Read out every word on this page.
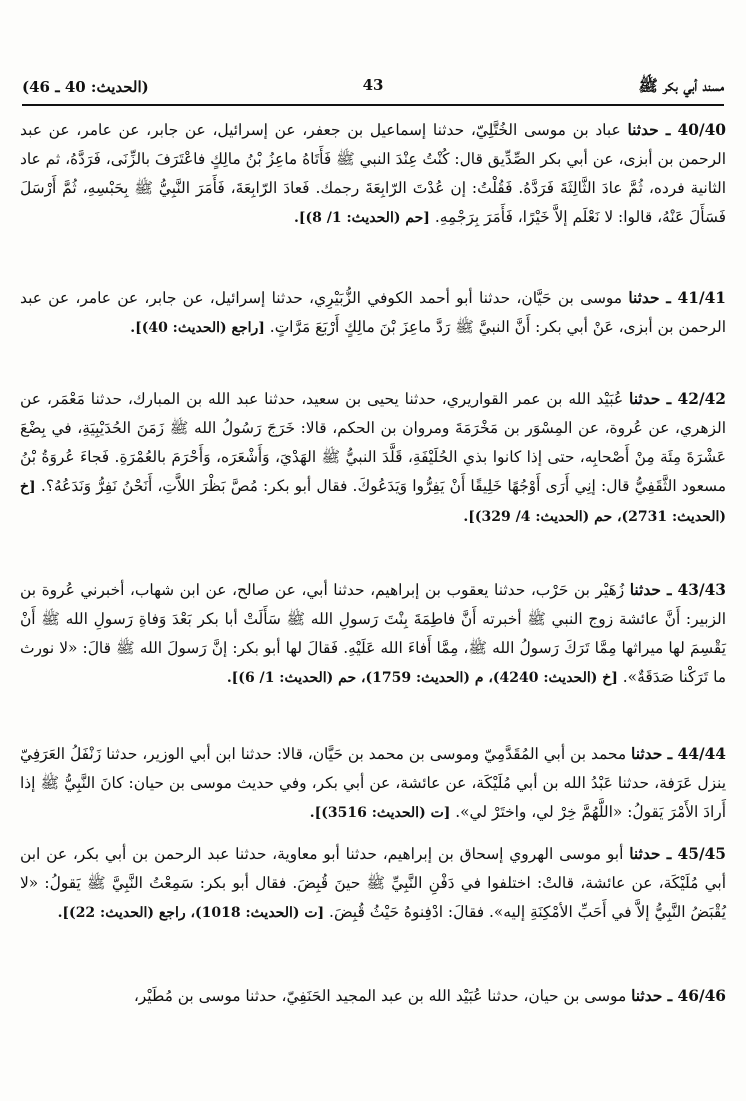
مسند أبي بكر ﷺ
43
(الحديث: 40 ـ 46)
40/40 ـ حدثنا عباد بن موسى الخُتَّلِيّ، حدثنا إسماعيل بن جعفر، عن إسرائيل، عن جابر، عن عامر، عن عبد الرحمن بن أبزى، عن أبي بكر الصِّدِّيق قال: كُنْتُ عِنْدَ النبي ﷺ فَأَتَاهُ ماعِزُ بْنُ مالِكٍ فاعْتَرَفَ بالزِّنَى، فَرَدَّهُ، ثم عاد الثانية فرده، ثُمَّ عادَ الثَّالِثَةَ فَرَدَّهُ. فَقُلْتُ: إن عُدْتَ الرّابِعَةَ رجمك. فَعادَ الرّابِعَةَ، فَأَمَرَ النَّبِيُّ ﷺ بِحَبْسِهِ، ثُمَّ أَرْسَلَ فَسَأَلَ عَنْهُ، قالوا: لا نَعْلَم إلاَّ خَيْرًا، فَأَمَرَ بِرَجْمِهِ. [حم (الحديث: 1/ 8)].
41/41 ـ حدثنا موسى بن حَيَّان، حدثنا أبو أحمد الكوفي الزُّبَيْرِي، حدثنا إسرائيل، عن جابر، عن عامر، عن عبد الرحمن بن أبزى، عَنْ أبي بكر: أَنَّ النبيَّ ﷺ رَدَّ ماعِزَ بْنَ مالِكٍ أَرْبَعَ مَرَّاتٍ. [راجع (الحديث: 40)].
42/42 ـ حدثنا عُبَيْد الله بن عمر القواريري، حدثنا يحيى بن سعيد، حدثنا عبد الله بن المبارك، حدثنا مَعْمَر، عن الزهري، عن عُروة، عن المِسْوَر بن مَخْرَمَةَ ومروان بن الحكم، قالا: خَرَجَ رَسُولُ الله ﷺ زَمَنَ الحُدَيْبِيَةِ، في بِضْعَ عَشْرَةَ مِئَة مِنْ أَصْحابِه، حتى إذا كانوا بذي الحُلَيْفَةِ، قَلَّدَ النبيُّ ﷺ الهَدْيَ، وَأَشْعَرَه، وَأَحْرَمَ بالعُمْرَةِ. فَجاءَ عُروَةُ بْنُ مسعود الثَّقَفِيُّ قال: إنِي أَرَى أَوْجُهًا خَلِيقًا أَنْ يَفِرُّوا وَيَدَعُوكَ. فقال أبو بكر: مُصَّ بَظْرَ اللاَّتِ، أَنَحْنُ نَفِرُّ وَنَدَعُهُ؟. [خ (الحديث: 2731)، حم (الحديث: 4/ 329)].
43/43 ـ حدثنا زُهَيْر بن حَرْب، حدثنا يعقوب بن إبراهيم، حدثنا أبي، عن صالح، عن ابن شهاب، أخبرني عُروة بن الزبير: أَنَّ عائشة زوج النبي ﷺ أخبرته أَنَّ فاطِمَةَ بِنْتَ رَسولِ الله ﷺ سَأَلَتْ أبا بكر بَعْدَ وَفاةِ رَسولِ الله ﷺ أَنْ يَقْسِمَ لها ميراثها مِمَّا تَرَكَ رَسولُ الله ﷺ، مِمَّا أَفاءَ الله عَلَيْهِ. فَقالَ لها أبو بكر: إنَّ رَسولَ الله ﷺ قالَ: «لا نورث ما تَرَكْنا صَدَقَةٌ». [خ (الحديث: 4240)، م (الحديث: 1759)، حم (الحديث: 1/ 6)].
44/44 ـ حدثنا محمد بن أبي المُقَدَّمِيّ وموسى بن محمد بن حَيَّان، قالا: حدثنا ابن أبي الوزير، حدثنا زَنْفَلُ العَرَفِيّ ينزل عَرَفة، حدثنا عَبْدُ الله بن أبي مُلَيْكَة، عن عائشة، عن أبي بكر، وفي حديث موسى بن حيان: كانَ النَّبِيُّ ﷺ إذا أَرادَ الأَمْرَ يَقولُ: «اللَّهُمَّ خِرْ لي، واختَرْ لي». [ت (الحديث: 3516)].
45/45 ـ حدثنا أبو موسى الهروي إسحاق بن إبراهيم، حدثنا أبو معاوية، حدثنا عبد الرحمن بن أبي بكر، عن ابن أبي مُلَيْكَة، عن عائشة، قالتْ: اختلفوا في دَفْنِ النَّبِيِّ ﷺ حينَ قُبِضَ. فقال أبو بكر: سَمِعْتُ النَّبِيَّ ﷺ يَقولُ: «لا يُقْبَضُ النَّبِيُّ إلاَّ في أَحَبِّ الأمْكِنَةِ إليه». فقالَ: ادْفِنوهُ حَيْثُ قُبِضَ. [ت (الحديث: 1018)، راجع (الحديث: 22)].
46/46 ـ حدثنا موسى بن حيان، حدثنا عُبَيْد الله بن عبد المجيد الحَنَفِيّ، حدثنا موسى بن مُطَيْر،
